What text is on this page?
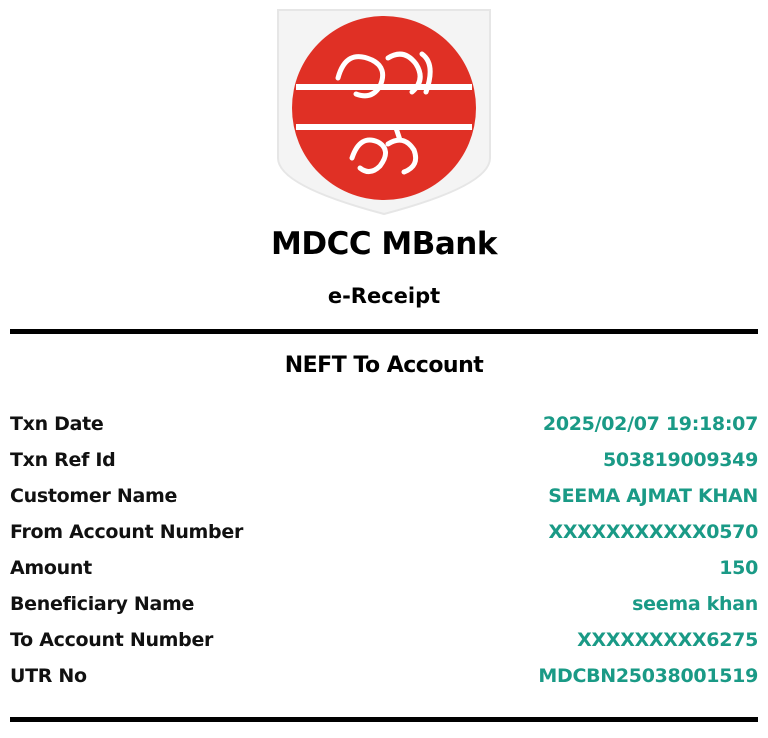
MDCC MBank
e-Receipt
NEFT To Account
Txn Date	2025/02/07 19:18:07
Txn Ref Id	503819009349
Customer Name	SEEMA AJMAT KHAN
From Account Number	XXXXXXXXXXX0570
Amount	150
Beneficiary Name	seema khan
To Account Number	XXXXXXXXX6275
UTR No	MDCBN25038001519
